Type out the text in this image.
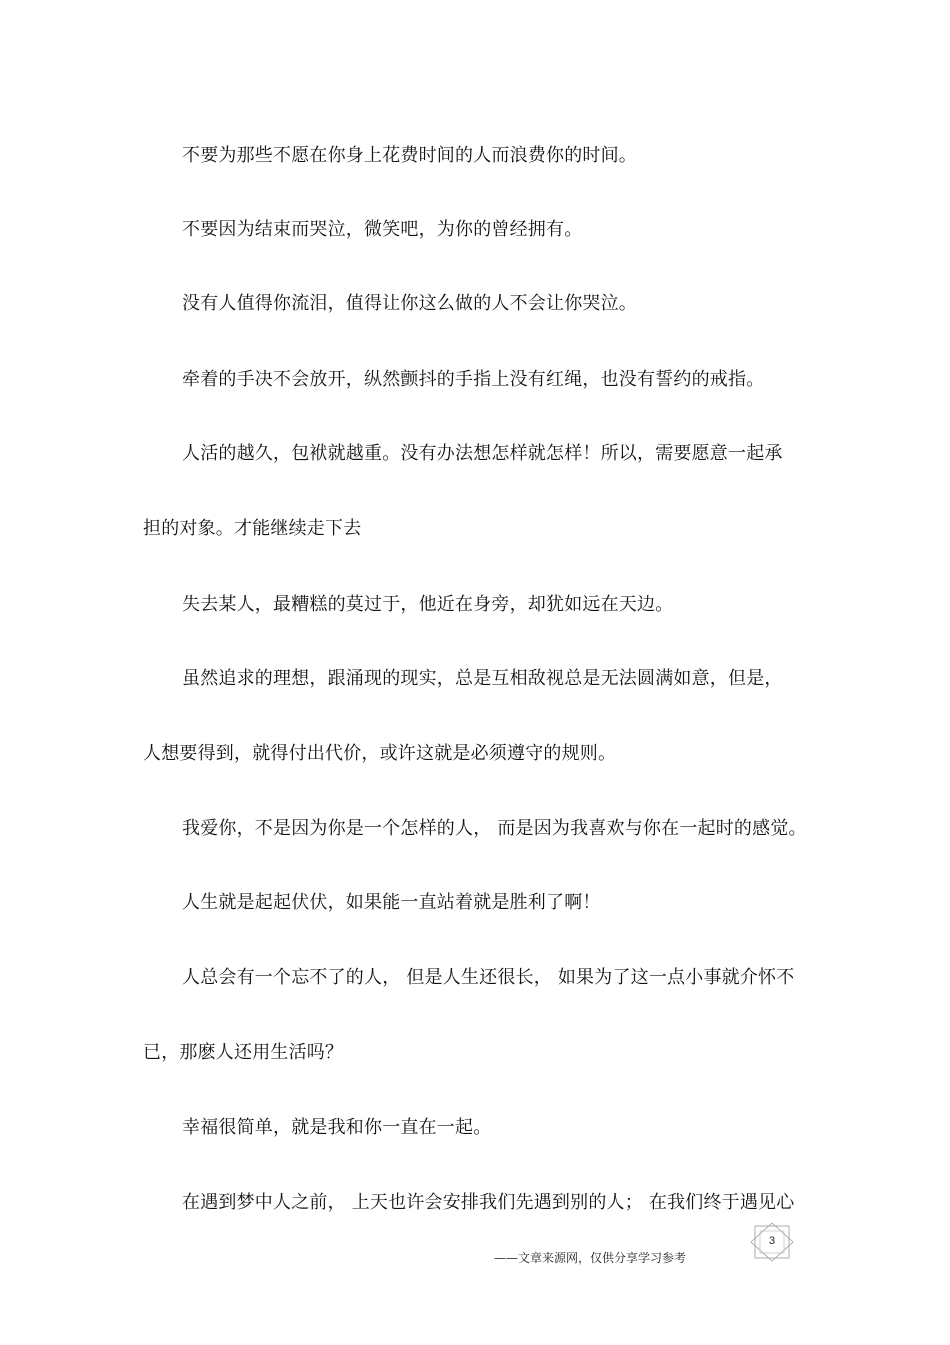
不要为那些不愿在你身上花费时间的人而浪费你的时间。
不要因为结束而哭泣，微笑吧，为你的曾经拥有。
没有人值得你流泪，值得让你这么做的人不会让你哭泣。
牵着的手决不会放开，纵然颤抖的手指上没有红绳，也没有誓约的戒指。
人活的越久，包袱就越重。没有办法想怎样就怎样！所以，需要愿意一起承
担的对象。才能继续走下去
失去某人，最糟糕的莫过于，他近在身旁，却犹如远在天边。
虽然追求的理想，跟涌现的现实，总是互相敌视总是无法圆满如意，但是，
人想要得到，就得付出代价，或许这就是必须遵守的规则。
我爱你，不是因为你是一个怎样的人， 而是因为我喜欢与你在一起时的感觉。
人生就是起起伏伏，如果能一直站着就是胜利了啊！
人总会有一个忘不了的人， 但是人生还很长， 如果为了这一点小事就介怀不
已，那麽人还用生活吗？
幸福很简单，就是我和你一直在一起。
在遇到梦中人之前， 上天也许会安排我们先遇到别的人； 在我们终于遇见心
3
——文章来源网，仅供分享学习参考
